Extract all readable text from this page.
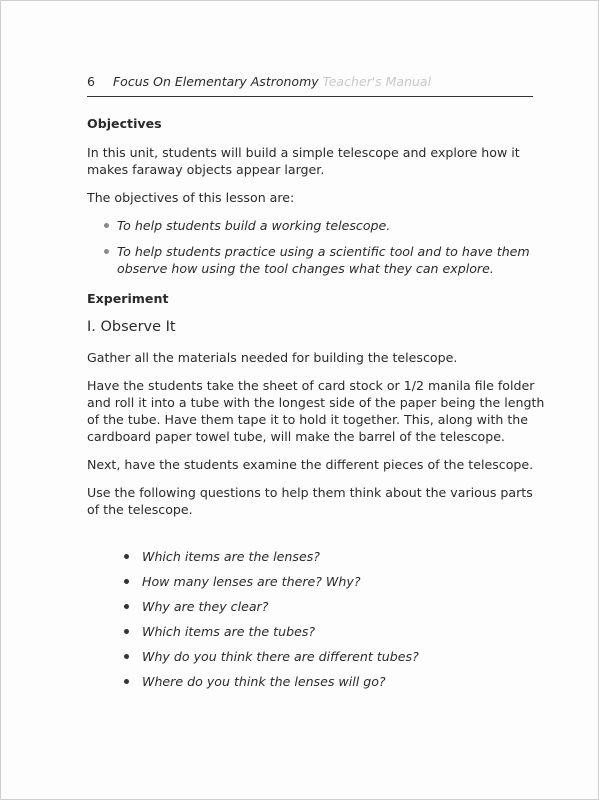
6 Focus On Elementary Astronomy Teacher's Manual
Objectives

In this unit, students will build a simple telescope and explore how it makes faraway objects appear larger.

The objectives of this lesson are:

To help students build a working telescope.
To help students practice using a scientific tool and to have them observe how using the tool changes what they can explore.
Experiment
I. Observe It

Gather all the materials needed for building the telescope.

Have the students take the sheet of card stock or 1/2 manila file folder and roll it into a tube with the longest side of the paper being the length of the tube. Have them tape it to hold it together. This, along with the cardboard paper towel tube, will make the barrel of the telescope.

Next, have the students examine the different pieces of the telescope.

Use the following questions to help them think about the various parts of the telescope.

Which items are the lenses?
How many lenses are there? Why?
Why are they clear?
Which items are the tubes?
Why do you think there are different tubes?
Where do you think the lenses will go?
